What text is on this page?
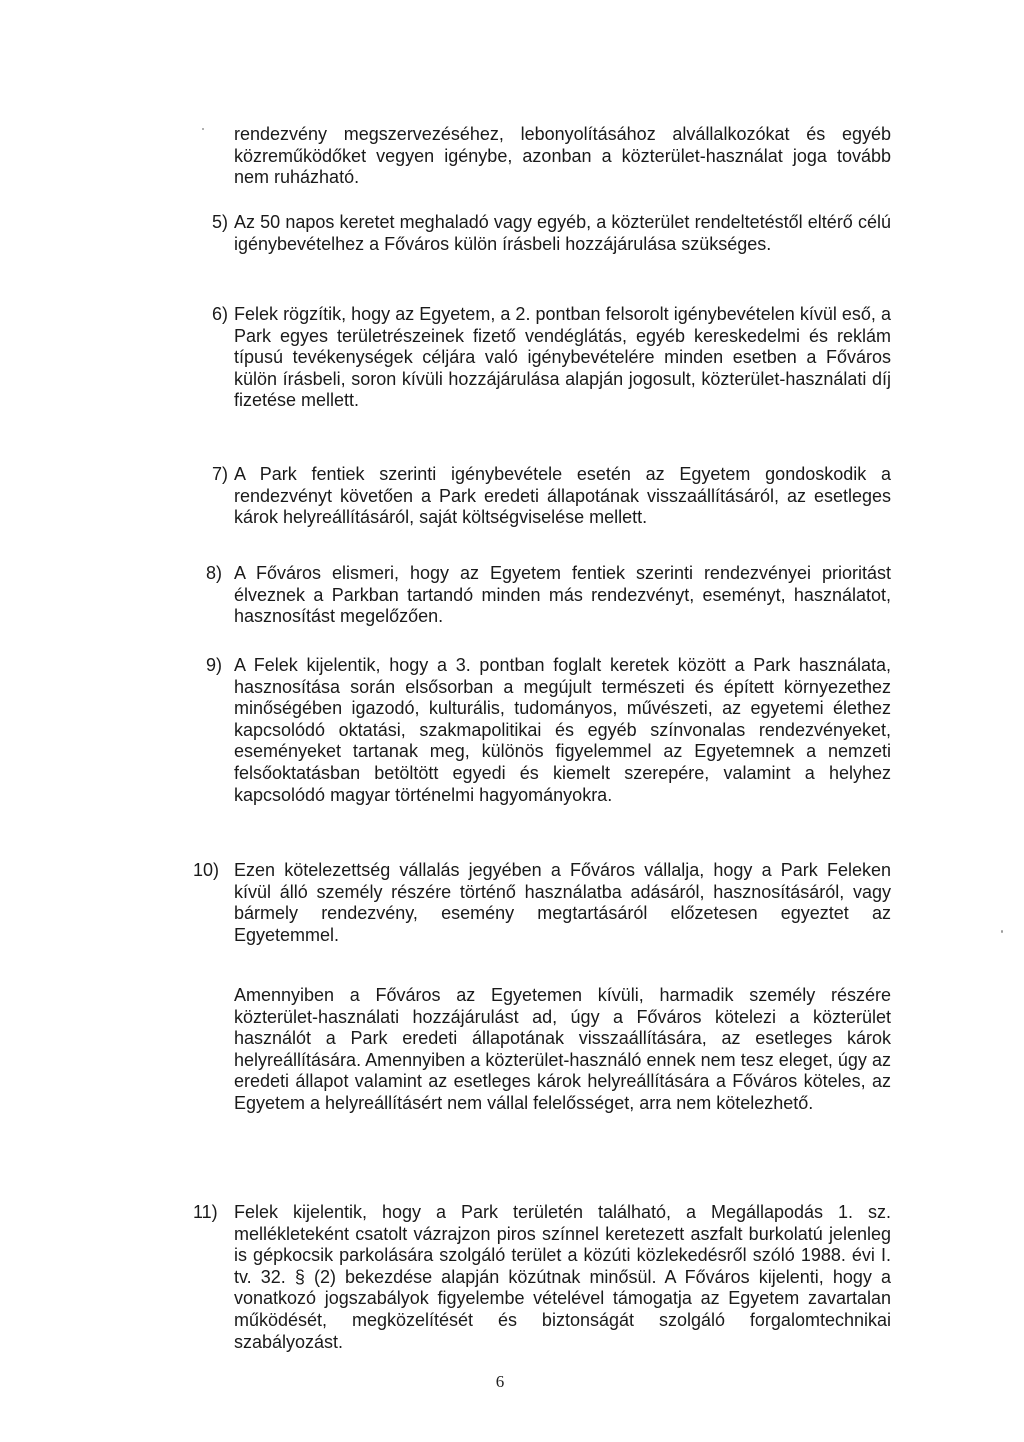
rendezvény megszervezéséhez, lebonyolításához alvállalkozókat és egyéb közreműködőket vegyen igénybe, azonban a közterület-használat joga tovább nem ruházható.

5) Az 50 napos keretet meghaladó vagy egyéb, a közterület rendeltetéstől eltérő célú igénybevételhez a Főváros külön írásbeli hozzájárulása szükséges.

6) Felek rögzítik, hogy az Egyetem, a 2. pontban felsorolt igénybevételen kívül eső, a Park egyes területrészeinek fizető vendéglátás, egyéb kereskedelmi és reklám típusú tevékenységek céljára való igénybevételére minden esetben a Főváros külön írásbeli, soron kívüli hozzájárulása alapján jogosult, közterület-használati díj fizetése mellett.

7) A Park fentiek szerinti igénybevétele esetén az Egyetem gondoskodik a rendezvényt követően a Park eredeti állapotának visszaállításáról, az esetleges károk helyreállításáról, saját költségviselése mellett.

8) A Főváros elismeri, hogy az Egyetem fentiek szerinti rendezvényei prioritást élveznek a Parkban tartandó minden más rendezvényt, eseményt, használatot, hasznosítást megelőzően.

9) A Felek kijelentik, hogy a 3. pontban foglalt keretek között a Park használata, hasznosítása során elsősorban a megújult természeti és épített környezethez minőségében igazodó, kulturális, tudományos, művészeti, az egyetemi élethez kapcsolódó oktatási, szakmapolitikai és egyéb színvonalas rendezvényeket, eseményeket tartanak meg, különös figyelemmel az Egyetemnek a nemzeti felsőoktatásban betöltött egyedi és kiemelt szerepére, valamint a helyhez kapcsolódó magyar történelmi hagyományokra.

10) Ezen kötelezettség vállalás jegyében a Főváros vállalja, hogy a Park Feleken kívül álló személy részére történő használatba adásáról, hasznosításáról, vagy bármely rendezvény, esemény megtartásáról előzetesen egyeztet az Egyetemmel.

Amennyiben a Főváros az Egyetemen kívüli, harmadik személy részére közterület-használati hozzájárulást ad, úgy a Főváros kötelezi a közterület használót a Park eredeti állapotának visszaállítására, az esetleges károk helyreállítására. Amennyiben a közterület-használó ennek nem tesz eleget, úgy az eredeti állapot valamint az esetleges károk helyreállítására a Főváros köteles, az Egyetem a helyreállításért nem vállal felelősséget, arra nem kötelezhető.

11) Felek kijelentik, hogy a Park területén található, a Megállapodás 1. sz. mellékleteként csatolt vázrajzon piros színnel keretezett aszfalt burkolatú jelenleg is gépkocsik parkolására szolgáló terület a közúti közlekedésről szóló 1988. évi I. tv. 32. § (2) bekezdése alapján közútnak minősül. A Főváros kijelenti, hogy a vonatkozó jogszabályok figyelembe vételével támogatja az Egyetem zavartalan működését, megközelítését és biztonságát szolgáló forgalomtechnikai szabályozást.

6
